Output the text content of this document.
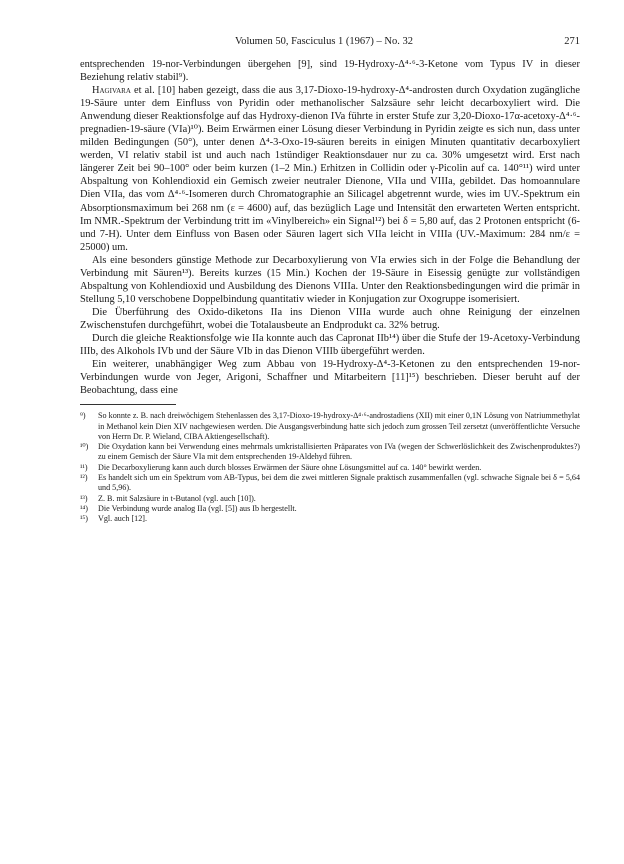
Volumen 50, Fasciculus 1 (1967) – No. 32	271

entsprechenden 19-nor-Verbindungen übergehen [9], sind 19-Hydroxy-Δ⁴·⁶-3-Ketone vom Typus IV in dieser Beziehung relativ stabil⁹).

Hagivara et al. [10] haben gezeigt, dass die aus 3,17-Dioxo-19-hydroxy-Δ⁴-androsten durch Oxydation zugängliche 19-Säure unter dem Einfluss von Pyridin oder methanolischer Salzsäure sehr leicht decarboxyliert wird. Die Anwendung dieser Reaktionsfolge auf das Hydroxy-dienon IVa führte in erster Stufe zur 3,20-Dioxo-17α-acetoxy-Δ⁴·⁶-pregnadien-19-säure (VIa)¹⁰). Beim Erwärmen einer Lösung dieser Verbindung in Pyridin zeigte es sich nun, dass unter milden Bedingungen (50°), unter denen Δ⁴-3-Oxo-19-säuren bereits in einigen Minuten quantitativ decarboxyliert werden, VI relativ stabil ist und auch nach 1stündiger Reaktionsdauer nur zu ca. 30% umgesetzt wird. Erst nach längerer Zeit bei 90–100° oder beim kurzen (1–2 Min.) Erhitzen in Collidin oder γ-Picolin auf ca. 140°¹¹) wird unter Abspaltung von Kohlendioxid ein Gemisch zweier neutraler Dienone, VIIa und VIIIa, gebildet. Das homoannulare Dien VIIa, das vom Δ⁴·⁶-Isomeren durch Chromatographie an Silicagel abgetrennt wurde, wies im UV.-Spektrum ein Absorptionsmaximum bei 268 nm (ε = 4600) auf, das bezüglich Lage und Intensität den erwarteten Werten entspricht. Im NMR.-Spektrum der Verbindung tritt im «Vinylbereich» ein Signal¹²) bei δ = 5,80 auf, das 2 Protonen entspricht (6- und 7-H). Unter dem Einfluss von Basen oder Säuren lagert sich VIIa leicht in VIIIa (UV.-Maximum: 284 nm/ε = 25000) um.

Als eine besonders günstige Methode zur Decarboxylierung von VIa erwies sich in der Folge die Behandlung der Verbindung mit Säuren¹³). Bereits kurzes (15 Min.) Kochen der 19-Säure in Eisessig genügte zur vollständigen Abspaltung von Kohlendioxid und Ausbildung des Dienons VIIIa. Unter den Reaktionsbedingungen wird die primär in Stellung 5,10 verschobene Doppelbindung quantitativ wieder in Konjugation zur Oxogruppe isomerisiert.

Die Überführung des Oxido-diketons IIa ins Dienon VIIIa wurde auch ohne Reinigung der einzelnen Zwischenstufen durchgeführt, wobei die Totalausbeute an Endprodukt ca. 32% betrug.

Durch die gleiche Reaktionsfolge wie IIa konnte auch das Capronat IIb¹⁴) über die Stufe der 19-Acetoxy-Verbindung IIIb, des Alkohols IVb und der Säure VIb in das Dienon VIIIb übergeführt werden.

Ein weiterer, unabhängiger Weg zum Abbau von 19-Hydroxy-Δ⁴-3-Ketonen zu den entsprechenden 19-nor-Verbindungen wurde von Jeger, Arigoni, Schaffner und Mitarbeitern [11]¹⁵) beschrieben. Dieser beruht auf der Beobachtung, dass eine

⁹)	So konnte z. B. nach dreiwöchigem Stehenlassen des 3,17-Dioxo-19-hydroxy-Δ⁴·⁶-androstadiens (XII) mit einer 0,1N Lösung von Natriummethylat in Methanol kein Dien XIV nachgewiesen werden. Die Ausgangsverbindung hatte sich jedoch zum grossen Teil zersetzt (unveröffentlichte Versuche von Herrn Dr. P. Wieland, CIBA Aktiengesellschaft).
¹⁰)	Die Oxydation kann bei Verwendung eines mehrmals umkristallisierten Präparates von IVa (wegen der Schwerlöslichkeit des Zwischenproduktes?) zu einem Gemisch der Säure VIa mit dem entsprechenden 19-Aldehyd führen.
¹¹)	Die Decarboxylierung kann auch durch blosses Erwärmen der Säure ohne Lösungsmittel auf ca. 140° bewirkt werden.
¹²)	Es handelt sich um ein Spektrum vom AB-Typus, bei dem die zwei mittleren Signale praktisch zusammenfallen (vgl. schwache Signale bei δ = 5,64 und 5,96).
¹³)	Z. B. mit Salzsäure in t-Butanol (vgl. auch [10]).
¹⁴)	Die Verbindung wurde analog IIa (vgl. [5]) aus Ib hergestellt.
¹⁵)	Vgl. auch [12].
